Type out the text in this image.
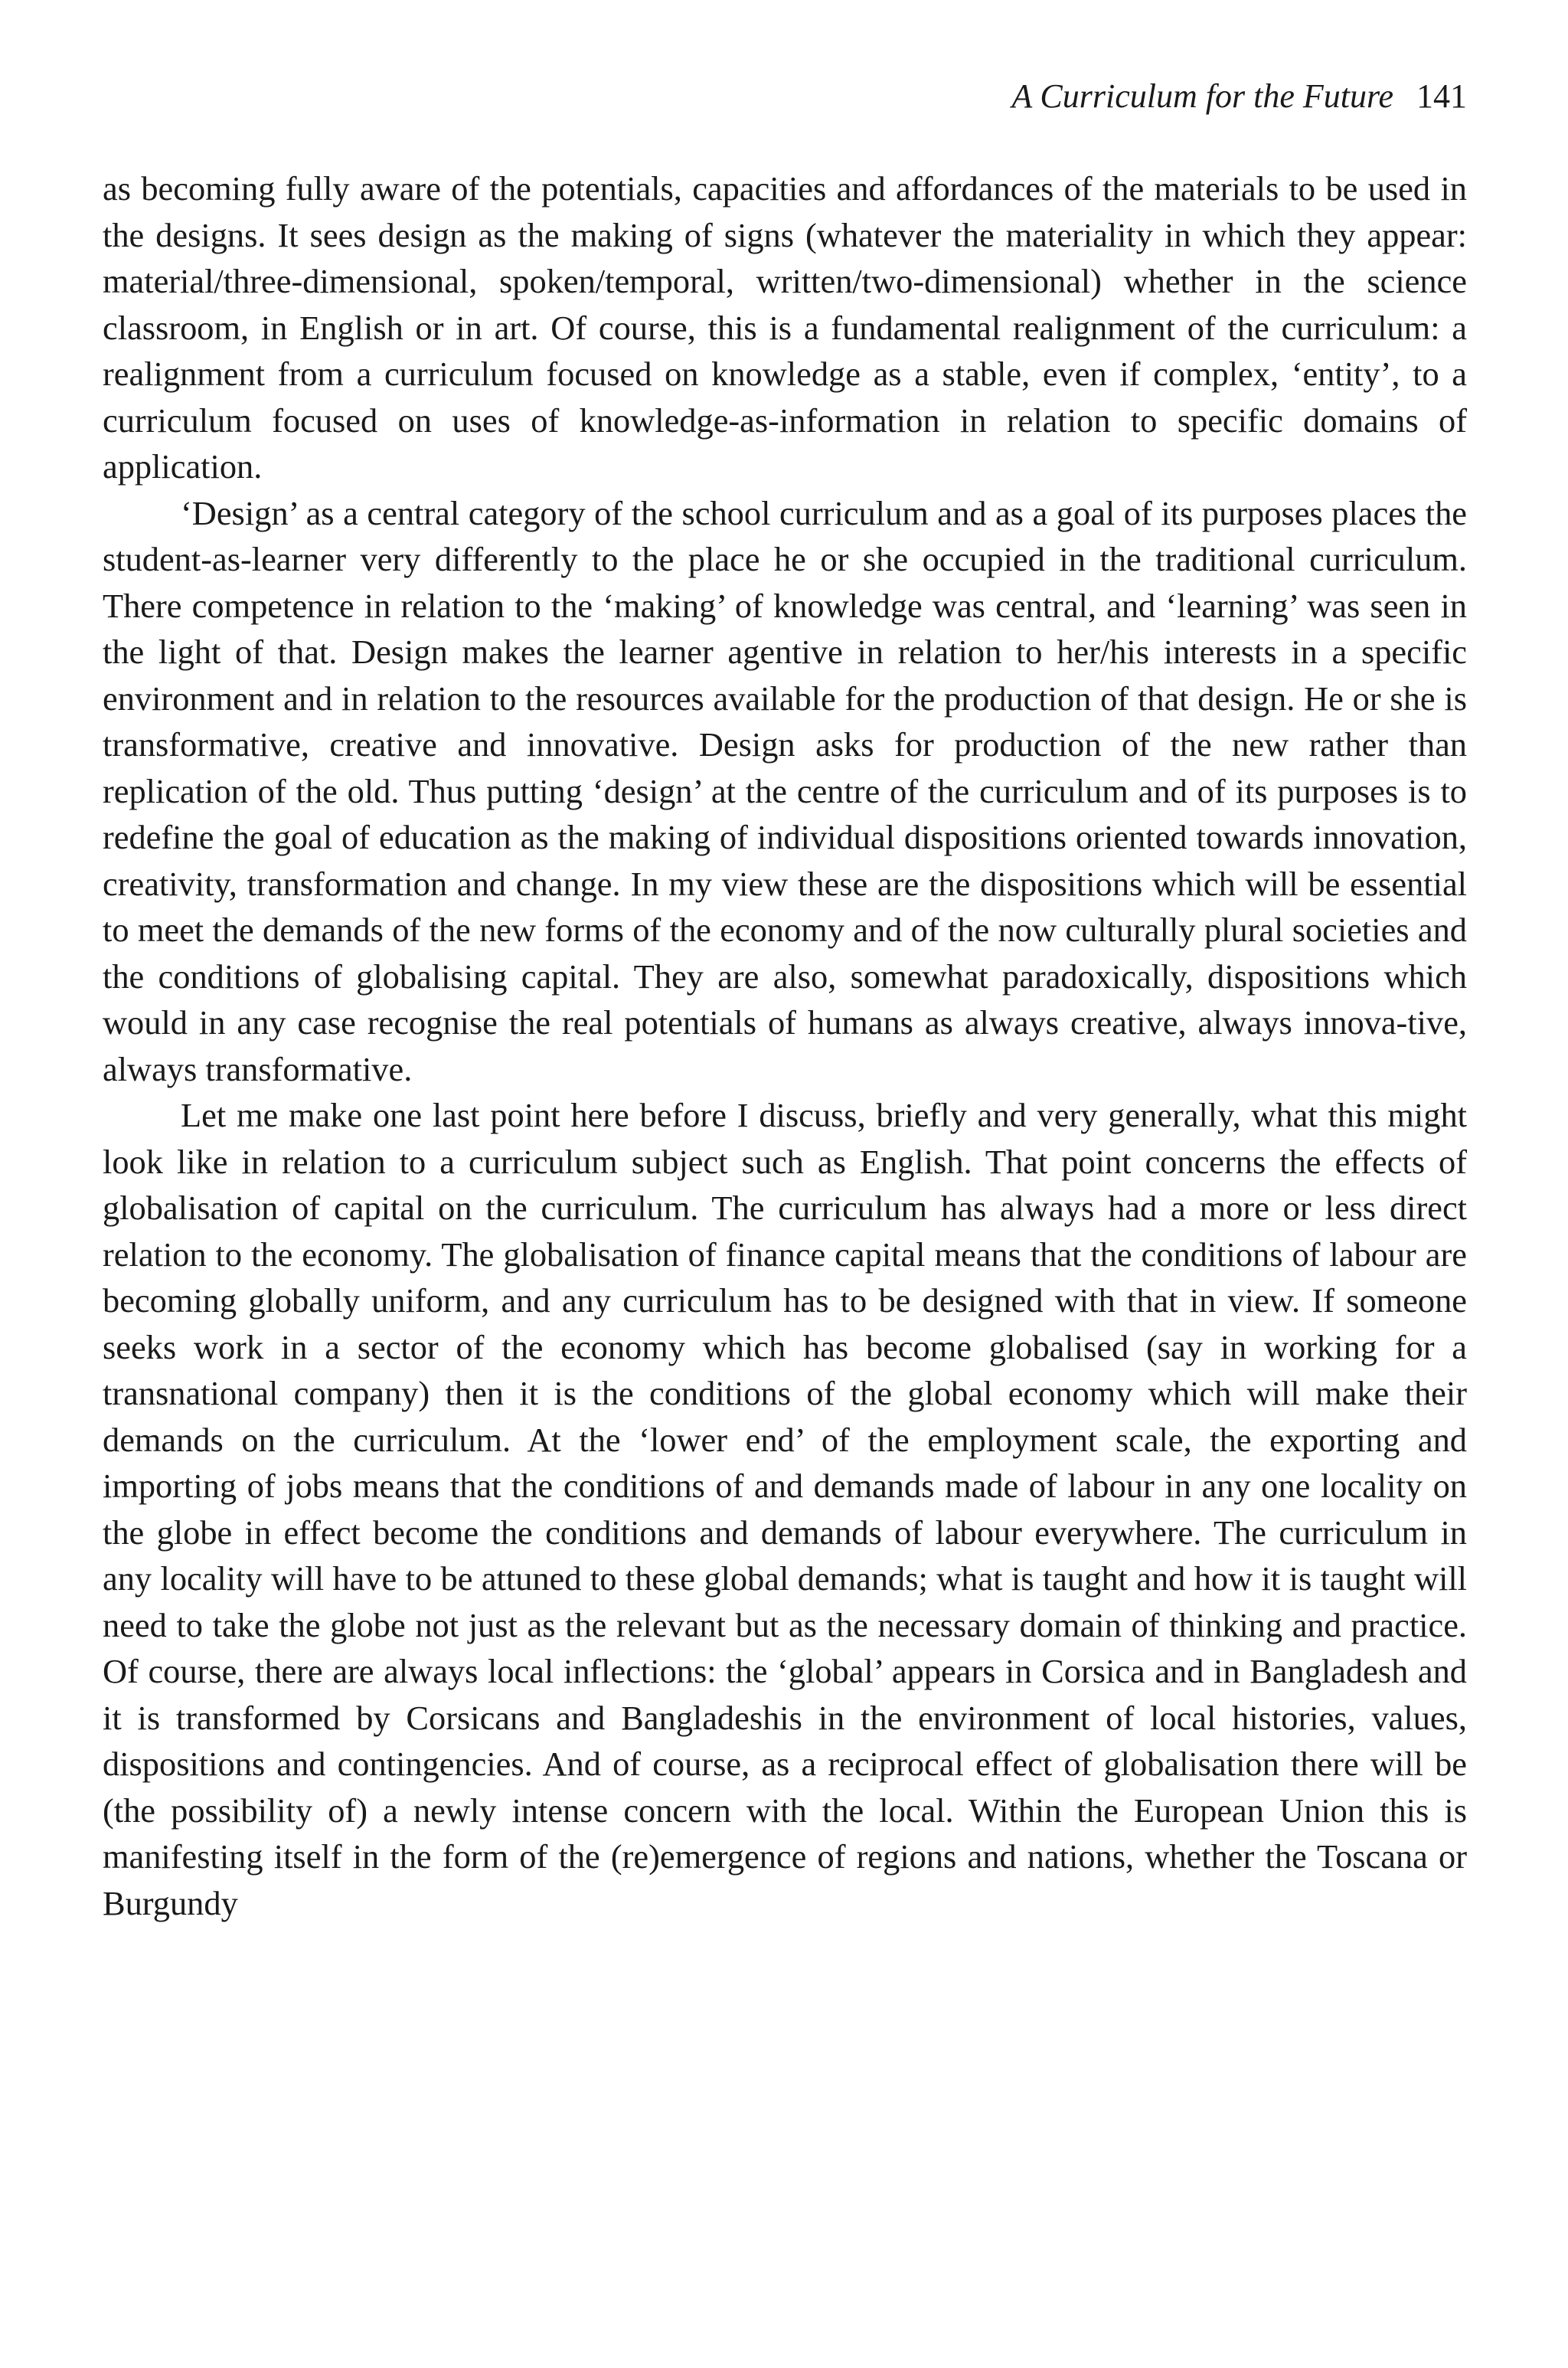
A Curriculum for the Future 141

as becoming fully aware of the potentials, capacities and affordances of the materials to be used in the designs. It sees design as the making of signs (whatever the materiality in which they appear: material/three-dimensional, spoken/temporal, written/two-dimensional) whether in the science classroom, in English or in art. Of course, this is a fundamental realignment of the curriculum: a realignment from a curriculum focused on knowledge as a stable, even if complex, ‘entity’, to a curriculum focused on uses of knowledge-as-information in relation to specific domains of application.

‘Design’ as a central category of the school curriculum and as a goal of its purposes places the student-as-learner very differently to the place he or she occupied in the traditional curriculum. There competence in relation to the ‘making’ of knowledge was central, and ‘learning’ was seen in the light of that. Design makes the learner agentive in relation to her/his interests in a specific environment and in relation to the resources available for the production of that design. He or she is transformative, creative and innovative. Design asks for production of the new rather than replication of the old. Thus putting ‘design’ at the centre of the curriculum and of its purposes is to redefine the goal of education as the making of individual dispositions oriented towards innovation, creativity, transformation and change. In my view these are the dispositions which will be essential to meet the demands of the new forms of the economy and of the now culturally plural societies and the conditions of globalising capital. They are also, somewhat paradoxically, dispositions which would in any case recognise the real potentials of humans as always creative, always innova-tive, always transformative.

Let me make one last point here before I discuss, briefly and very generally, what this might look like in relation to a curriculum subject such as English. That point concerns the effects of globalisation of capital on the curriculum. The curriculum has always had a more or less direct relation to the economy. The globalisation of finance capital means that the conditions of labour are becoming globally uniform, and any curriculum has to be designed with that in view. If someone seeks work in a sector of the economy which has become globalised (say in working for a transnational company) then it is the conditions of the global economy which will make their demands on the curriculum. At the ‘lower end’ of the employment scale, the exporting and importing of jobs means that the conditions of and demands made of labour in any one locality on the globe in effect become the conditions and demands of labour everywhere. The curriculum in any locality will have to be attuned to these global demands; what is taught and how it is taught will need to take the globe not just as the relevant but as the necessary domain of thinking and practice. Of course, there are always local inflections: the ‘global’ appears in Corsica and in Bangladesh and it is transformed by Corsicans and Bangladeshis in the environment of local histories, values, dispositions and contingencies. And of course, as a reciprocal effect of globalisation there will be (the possibility of) a newly intense concern with the local. Within the European Union this is manifesting itself in the form of the (re)emergence of regions and nations, whether the Toscana or Burgundy
